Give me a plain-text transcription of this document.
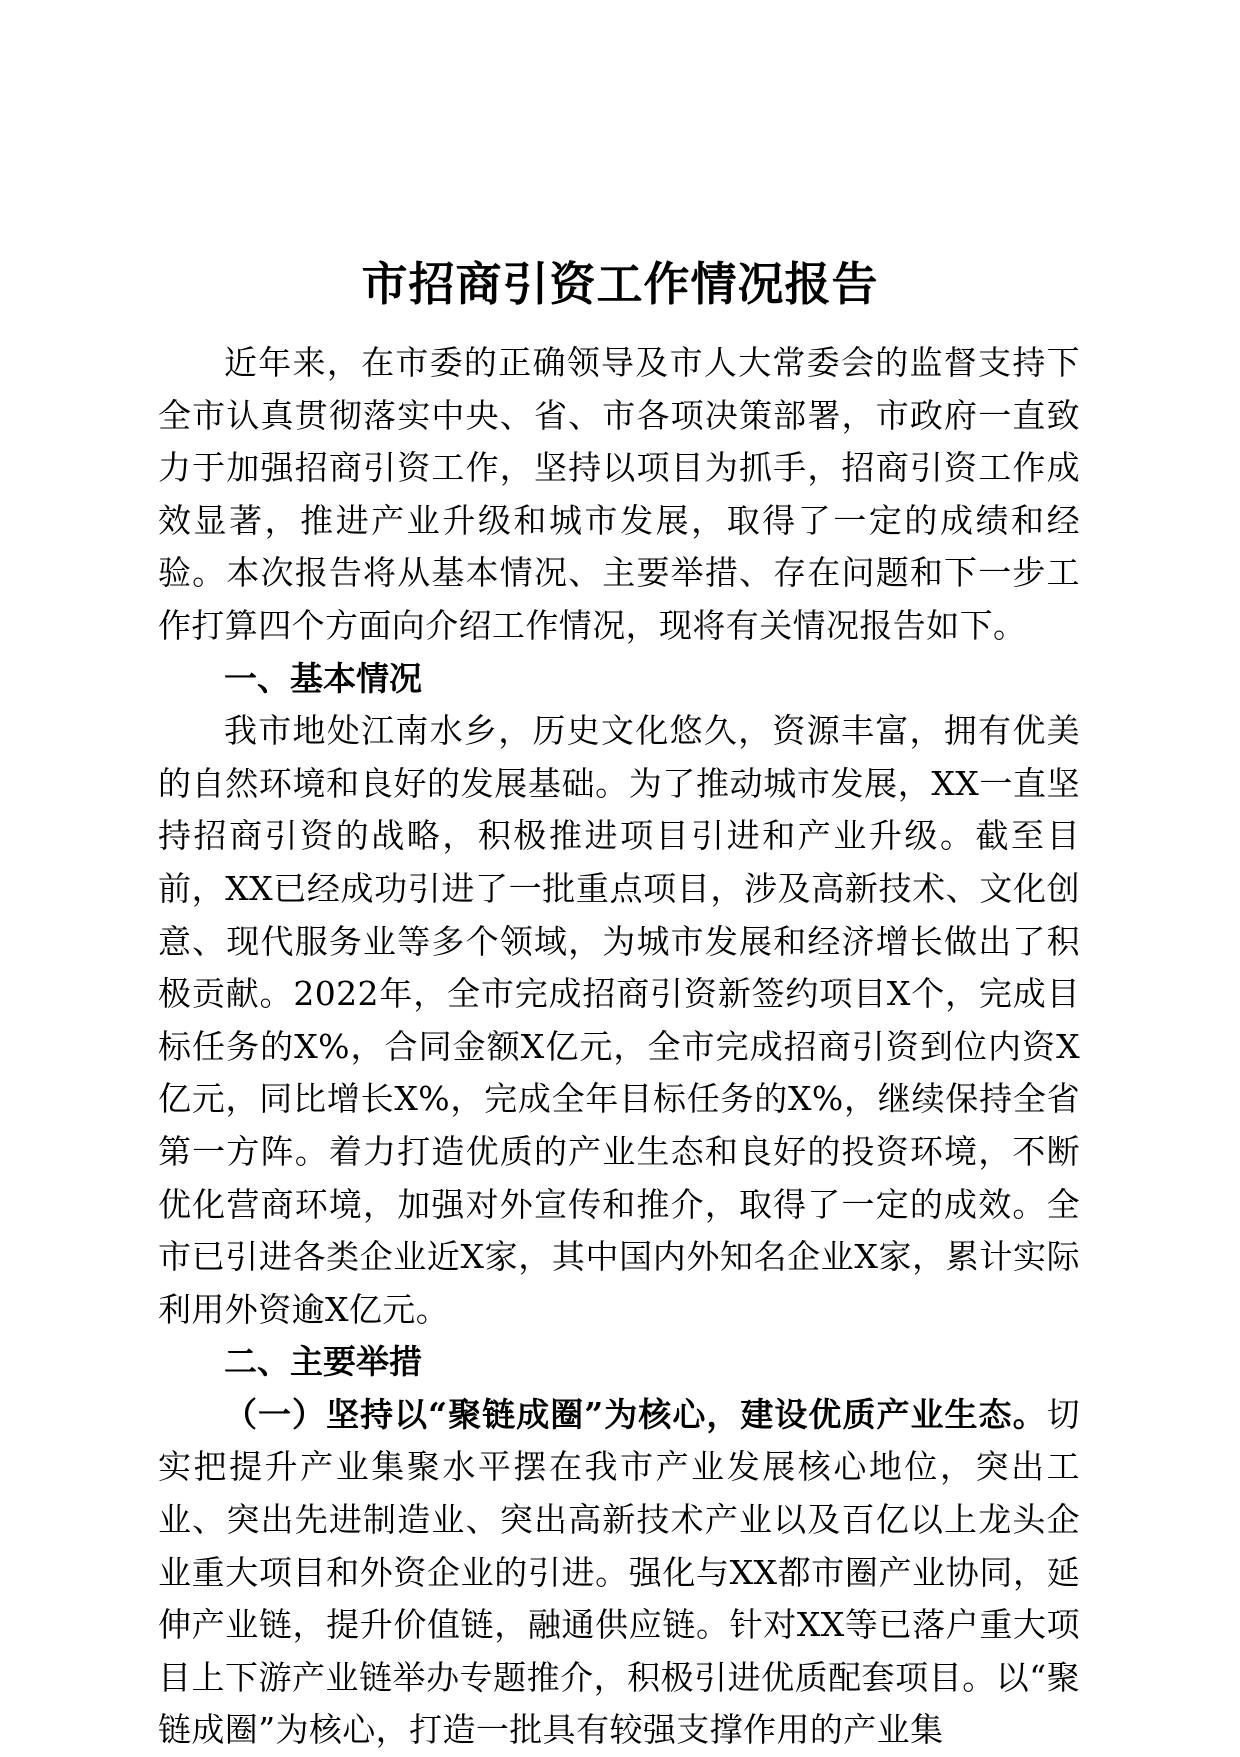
市招商引资工作情况报告

近年来，在市委的正确领导及市人大常委会的监督支持下全市认真贯彻落实中央、省、市各项决策部署，市政府一直致力于加强招商引资工作，坚持以项目为抓手，招商引资工作成效显著，推进产业升级和城市发展，取得了一定的成绩和经验。本次报告将从基本情况、主要举措、存在问题和下一步工作打算四个方面向介绍工作情况，现将有关情况报告如下。

一、基本情况

我市地处江南水乡，历史文化悠久，资源丰富，拥有优美的自然环境和良好的发展基础。为了推动城市发展，XX一直坚持招商引资的战略，积极推进项目引进和产业升级。截至目前，XX已经成功引进了一批重点项目，涉及高新技术、文化创意、现代服务业等多个领域，为城市发展和经济增长做出了积极贡献。2022年，全市完成招商引资新签约项目X个，完成目标任务的X%，合同金额X亿元，全市完成招商引资到位内资X亿元，同比增长X%，完成全年目标任务的X%，继续保持全省第一方阵。着力打造优质的产业生态和良好的投资环境，不断优化营商环境，加强对外宣传和推介，取得了一定的成效。全市已引进各类企业近X家，其中国内外知名企业X家，累计实际利用外资逾X亿元。

二、主要举措

（一）坚持以“聚链成圈”为核心，建设优质产业生态。切实把提升产业集聚水平摆在我市产业发展核心地位，突出工业、突出先进制造业、突出高新技术产业以及百亿以上龙头企业重大项目和外资企业的引进。强化与XX都市圈产业协同，延伸产业链，提升价值链，融通供应链。针对XX等已落户重大项目上下游产业链举办专题推介，积极引进优质配套项目。以“聚链成圈”为核心，打造一批具有较强支撑作用的产业集
